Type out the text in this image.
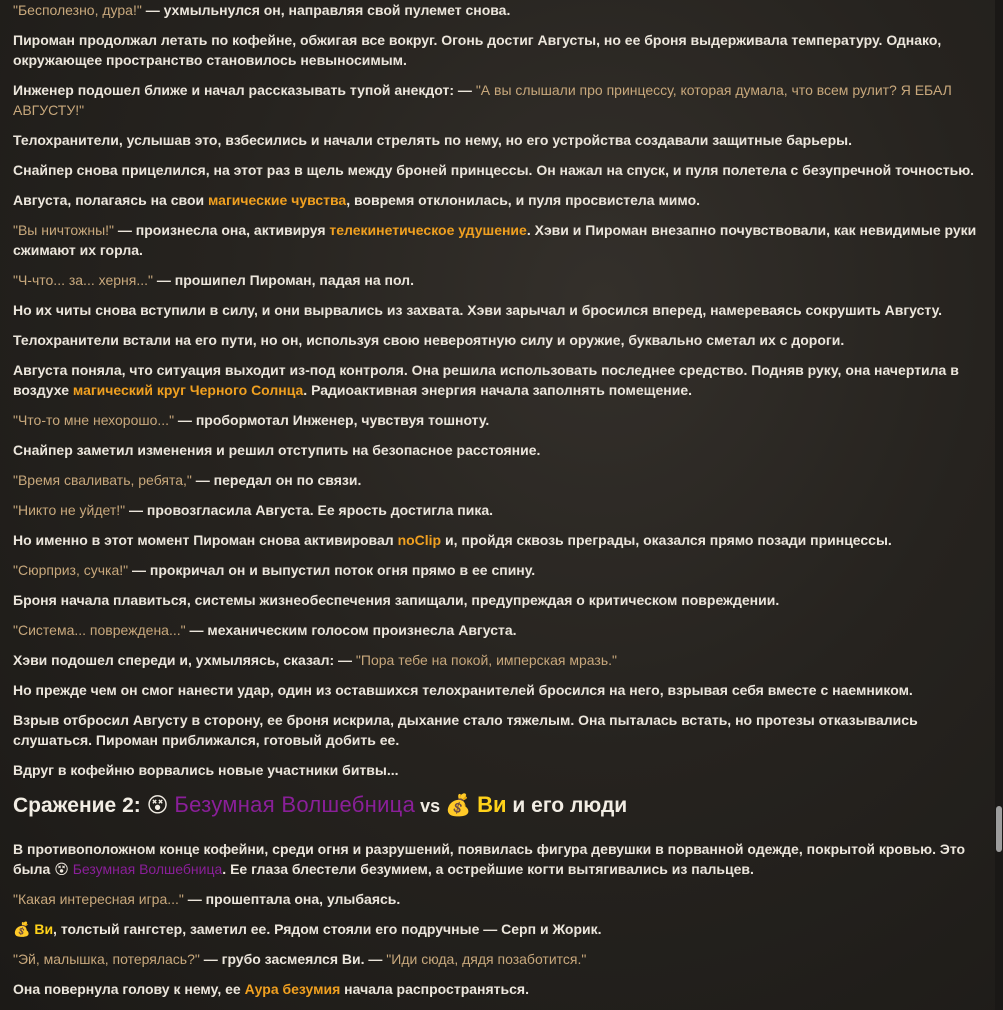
"Бесполезно, дура!" — ухмыльнулся он, направляя свой пулемет снова.

Пироман продолжал летать по кофейне, обжигая все вокруг. Огонь достиг Августы, но ее броня выдерживала температуру. Однако, окружающее пространство становилось невыносимым.

Инженер подошел ближе и начал рассказывать тупой анекдот: — "А вы слышали про принцессу, которая думала, что всем рулит? Я ЕБАЛ АВГУСТУ!"

Телохранители, услышав это, взбесились и начали стрелять по нему, но его устройства создавали защитные барьеры.

Снайпер снова прицелился, на этот раз в щель между броней принцессы. Он нажал на спуск, и пуля полетела с безупречной точностью.

Августа, полагаясь на свои магические чувства, вовремя отклонилась, и пуля просвистела мимо.

"Вы ничтожны!" — произнесла она, активируя телекинетическое удушение. Хэви и Пироман внезапно почувствовали, как невидимые руки сжимают их горла.

"Ч-что... за... херня..." — прошипел Пироман, падая на пол.

Но их читы снова вступили в силу, и они вырвались из захвата. Хэви зарычал и бросился вперед, намереваясь сокрушить Августу.

Телохранители встали на его пути, но он, используя свою невероятную силу и оружие, буквально сметал их с дороги.

Августа поняла, что ситуация выходит из-под контроля. Она решила использовать последнее средство. Подняв руку, она начертила в воздухе магический круг Черного Солнца. Радиоактивная энергия начала заполнять помещение.

"Что-то мне нехорошо..." — пробормотал Инженер, чувствуя тошноту.

Снайпер заметил изменения и решил отступить на безопасное расстояние.

"Время сваливать, ребята," — передал он по связи.

"Никто не уйдет!" — провозгласила Августа. Ее ярость достигла пика.

Но именно в этот момент Пироман снова активировал noClip и, пройдя сквозь преграды, оказался прямо позади принцессы.

"Сюрприз, сучка!" — прокричал он и выпустил поток огня прямо в ее спину.

Броня начала плавиться, системы жизнеобеспечения запищали, предупреждая о критическом повреждении.

"Система... повреждена..." — механическим голосом произнесла Августа.

Хэви подошел спереди и, ухмыляясь, сказал: — "Пора тебе на покой, имперская мразь."

Но прежде чем он смог нанести удар, один из оставшихся телохранителей бросился на него, взрывая себя вместе с наемником.

Взрыв отбросил Августу в сторону, ее броня искрила, дыхание стало тяжелым. Она пыталась встать, но протезы отказывались слушаться. Пироман приближался, готовый добить ее.

Вдруг в кофейню ворвались новые участники битвы...

Сражение 2: 😵 Безумная Волшебница vs 💰 Ви и его люди

В противоположном конце кофейни, среди огня и разрушений, появилась фигура девушки в порванной одежде, покрытой кровью. Это была 😵 Безумная Волшебница. Ее глаза блестели безумием, а острейшие когти вытягивались из пальцев.

"Какая интересная игра..." — прошептала она, улыбаясь.

💰 Ви, толстый гангстер, заметил ее. Рядом стояли его подручные — Серп и Жорик.

"Эй, малышка, потерялась?" — грубо засмеялся Ви. — "Иди сюда, дядя позаботится."

Она повернула голову к нему, ее Аура безумия начала распространяться.
